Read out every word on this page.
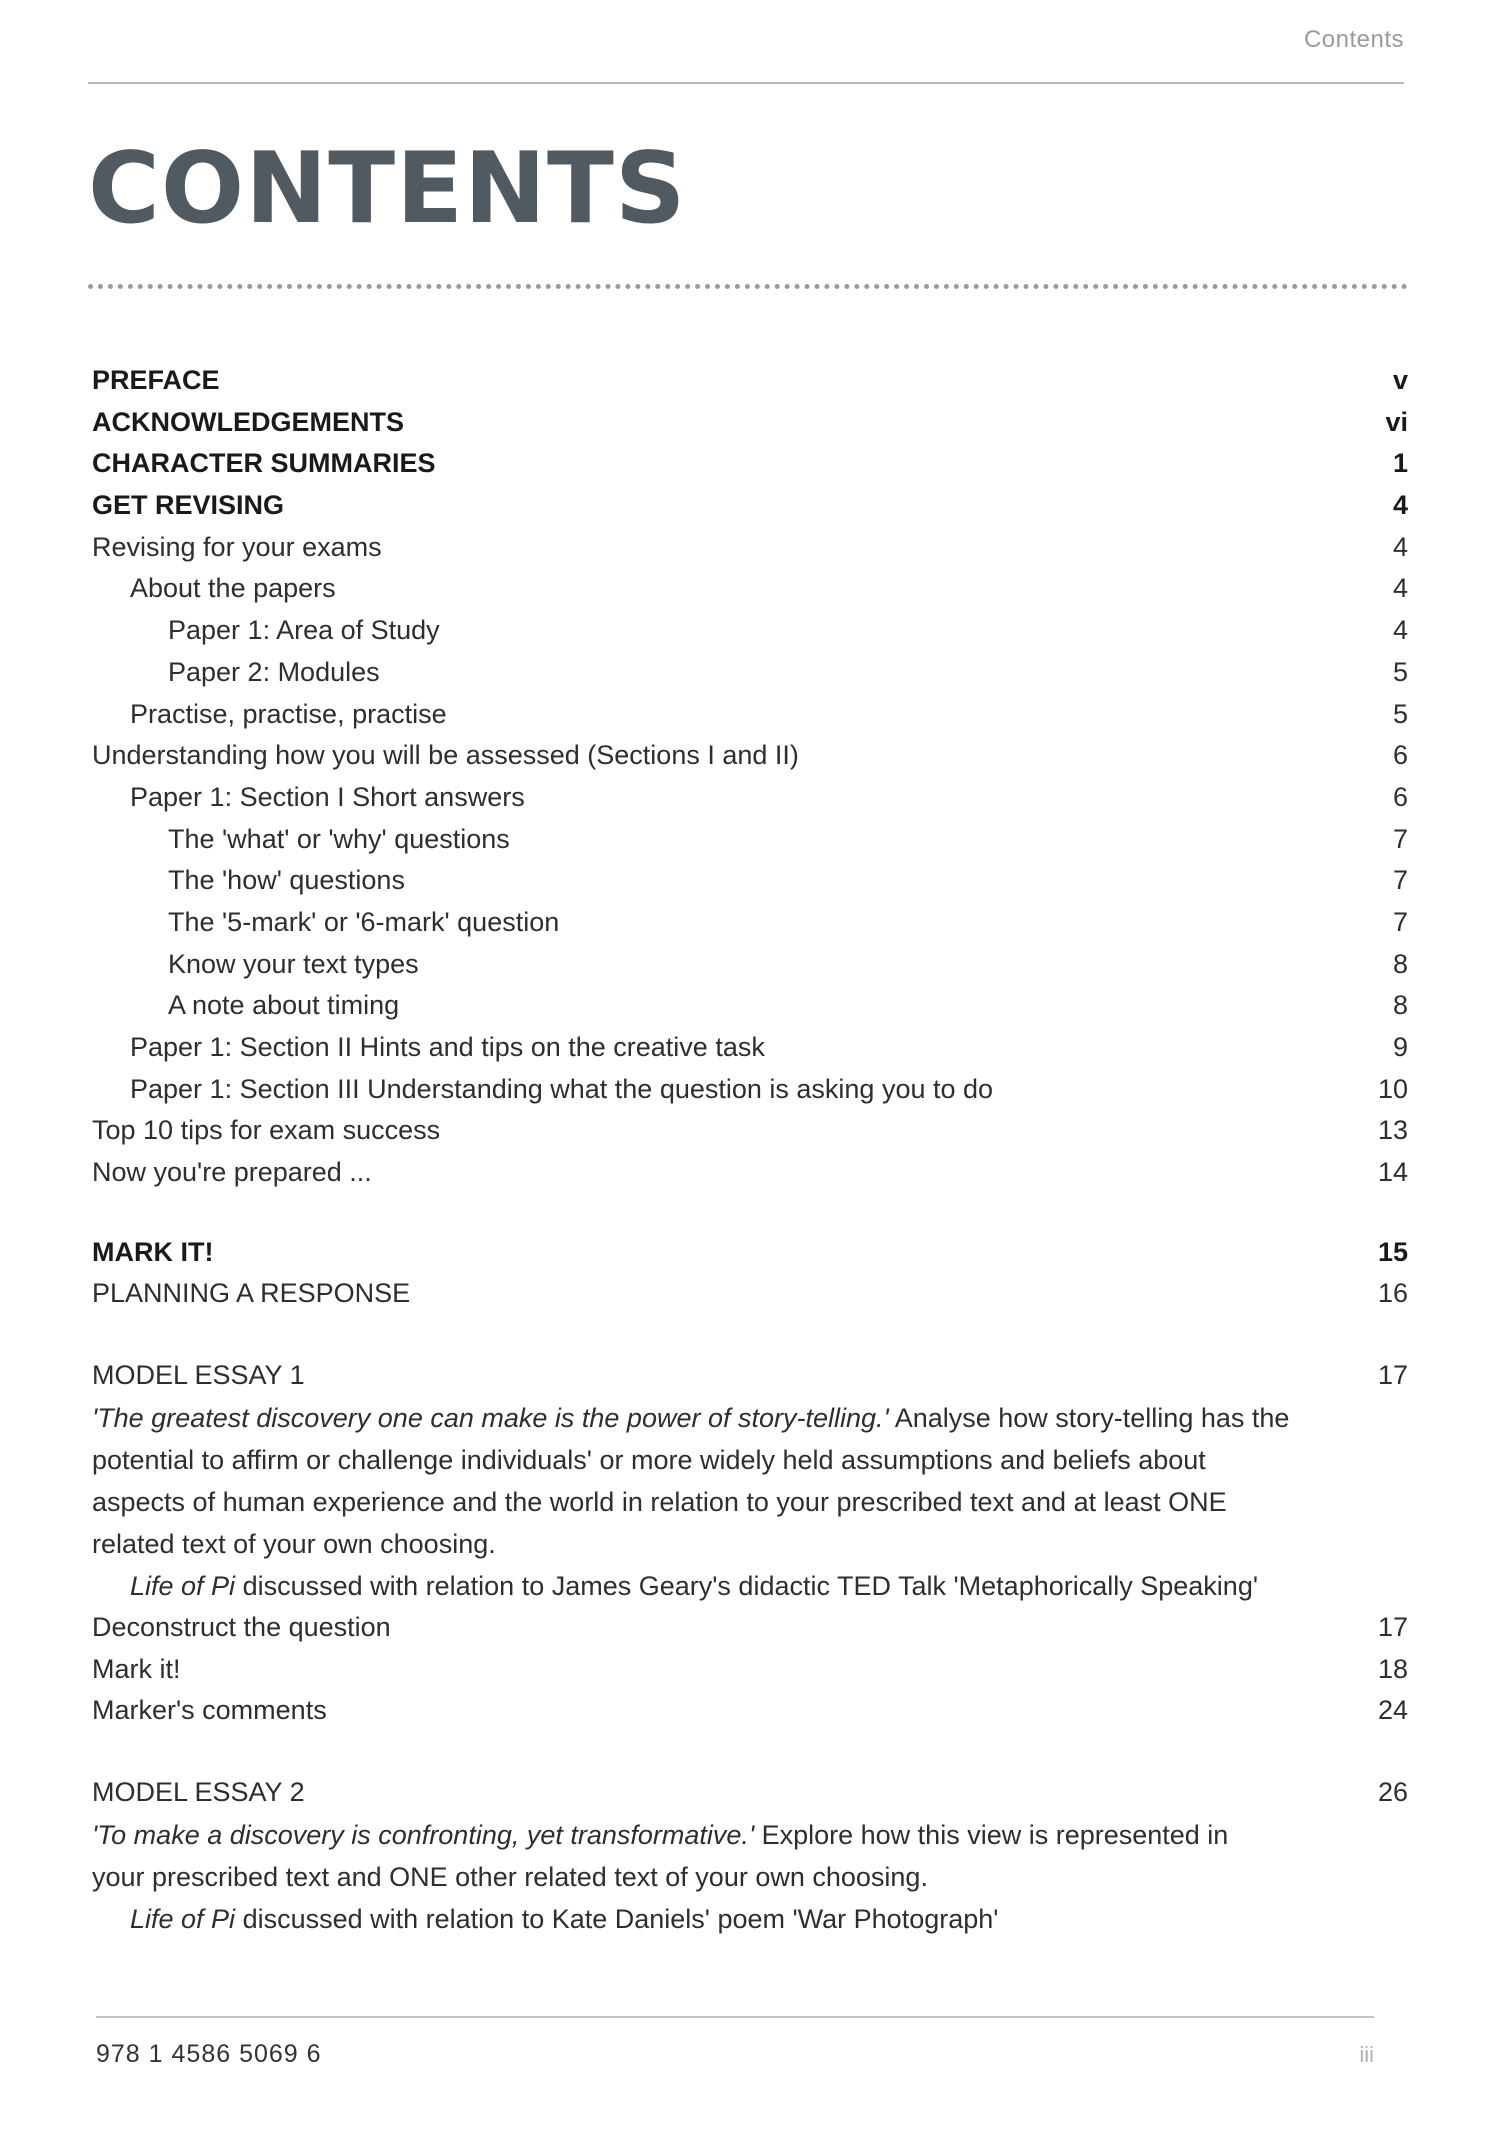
Contents
CONTENTS
PREFACE	v
ACKNOWLEDGEMENTS	vi
CHARACTER SUMMARIES	1
GET REVISING	4
Revising for your exams	4
About the papers	4
Paper 1: Area of Study	4
Paper 2: Modules	5
Practise, practise, practise	5
Understanding how you will be assessed (Sections I and II)	6
Paper 1: Section I Short answers	6
The 'what' or 'why' questions	7
The 'how' questions	7
The '5-mark' or '6-mark' question	7
Know your text types	8
A note about timing	8
Paper 1: Section II Hints and tips on the creative task	9
Paper 1: Section III Understanding what the question is asking you to do	10
Top 10 tips for exam success	13
Now you're prepared ...	14
MARK IT!	15
PLANNING A RESPONSE	16
MODEL ESSAY 1	17
'The greatest discovery one can make is the power of story-telling.' Analyse how story-telling has the potential to affirm or challenge individuals' or more widely held assumptions and beliefs about aspects of human experience and the world in relation to your prescribed text and at least ONE related text of your own choosing.
Life of Pi discussed with relation to James Geary's didactic TED Talk 'Metaphorically Speaking'
Deconstruct the question	17
Mark it!	18
Marker's comments	24
MODEL ESSAY 2	26
'To make a discovery is confronting, yet transformative.' Explore how this view is represented in your prescribed text and ONE other related text of your own choosing.
Life of Pi discussed with relation to Kate Daniels' poem 'War Photograph'
978 1 4586 5069 6	iii
